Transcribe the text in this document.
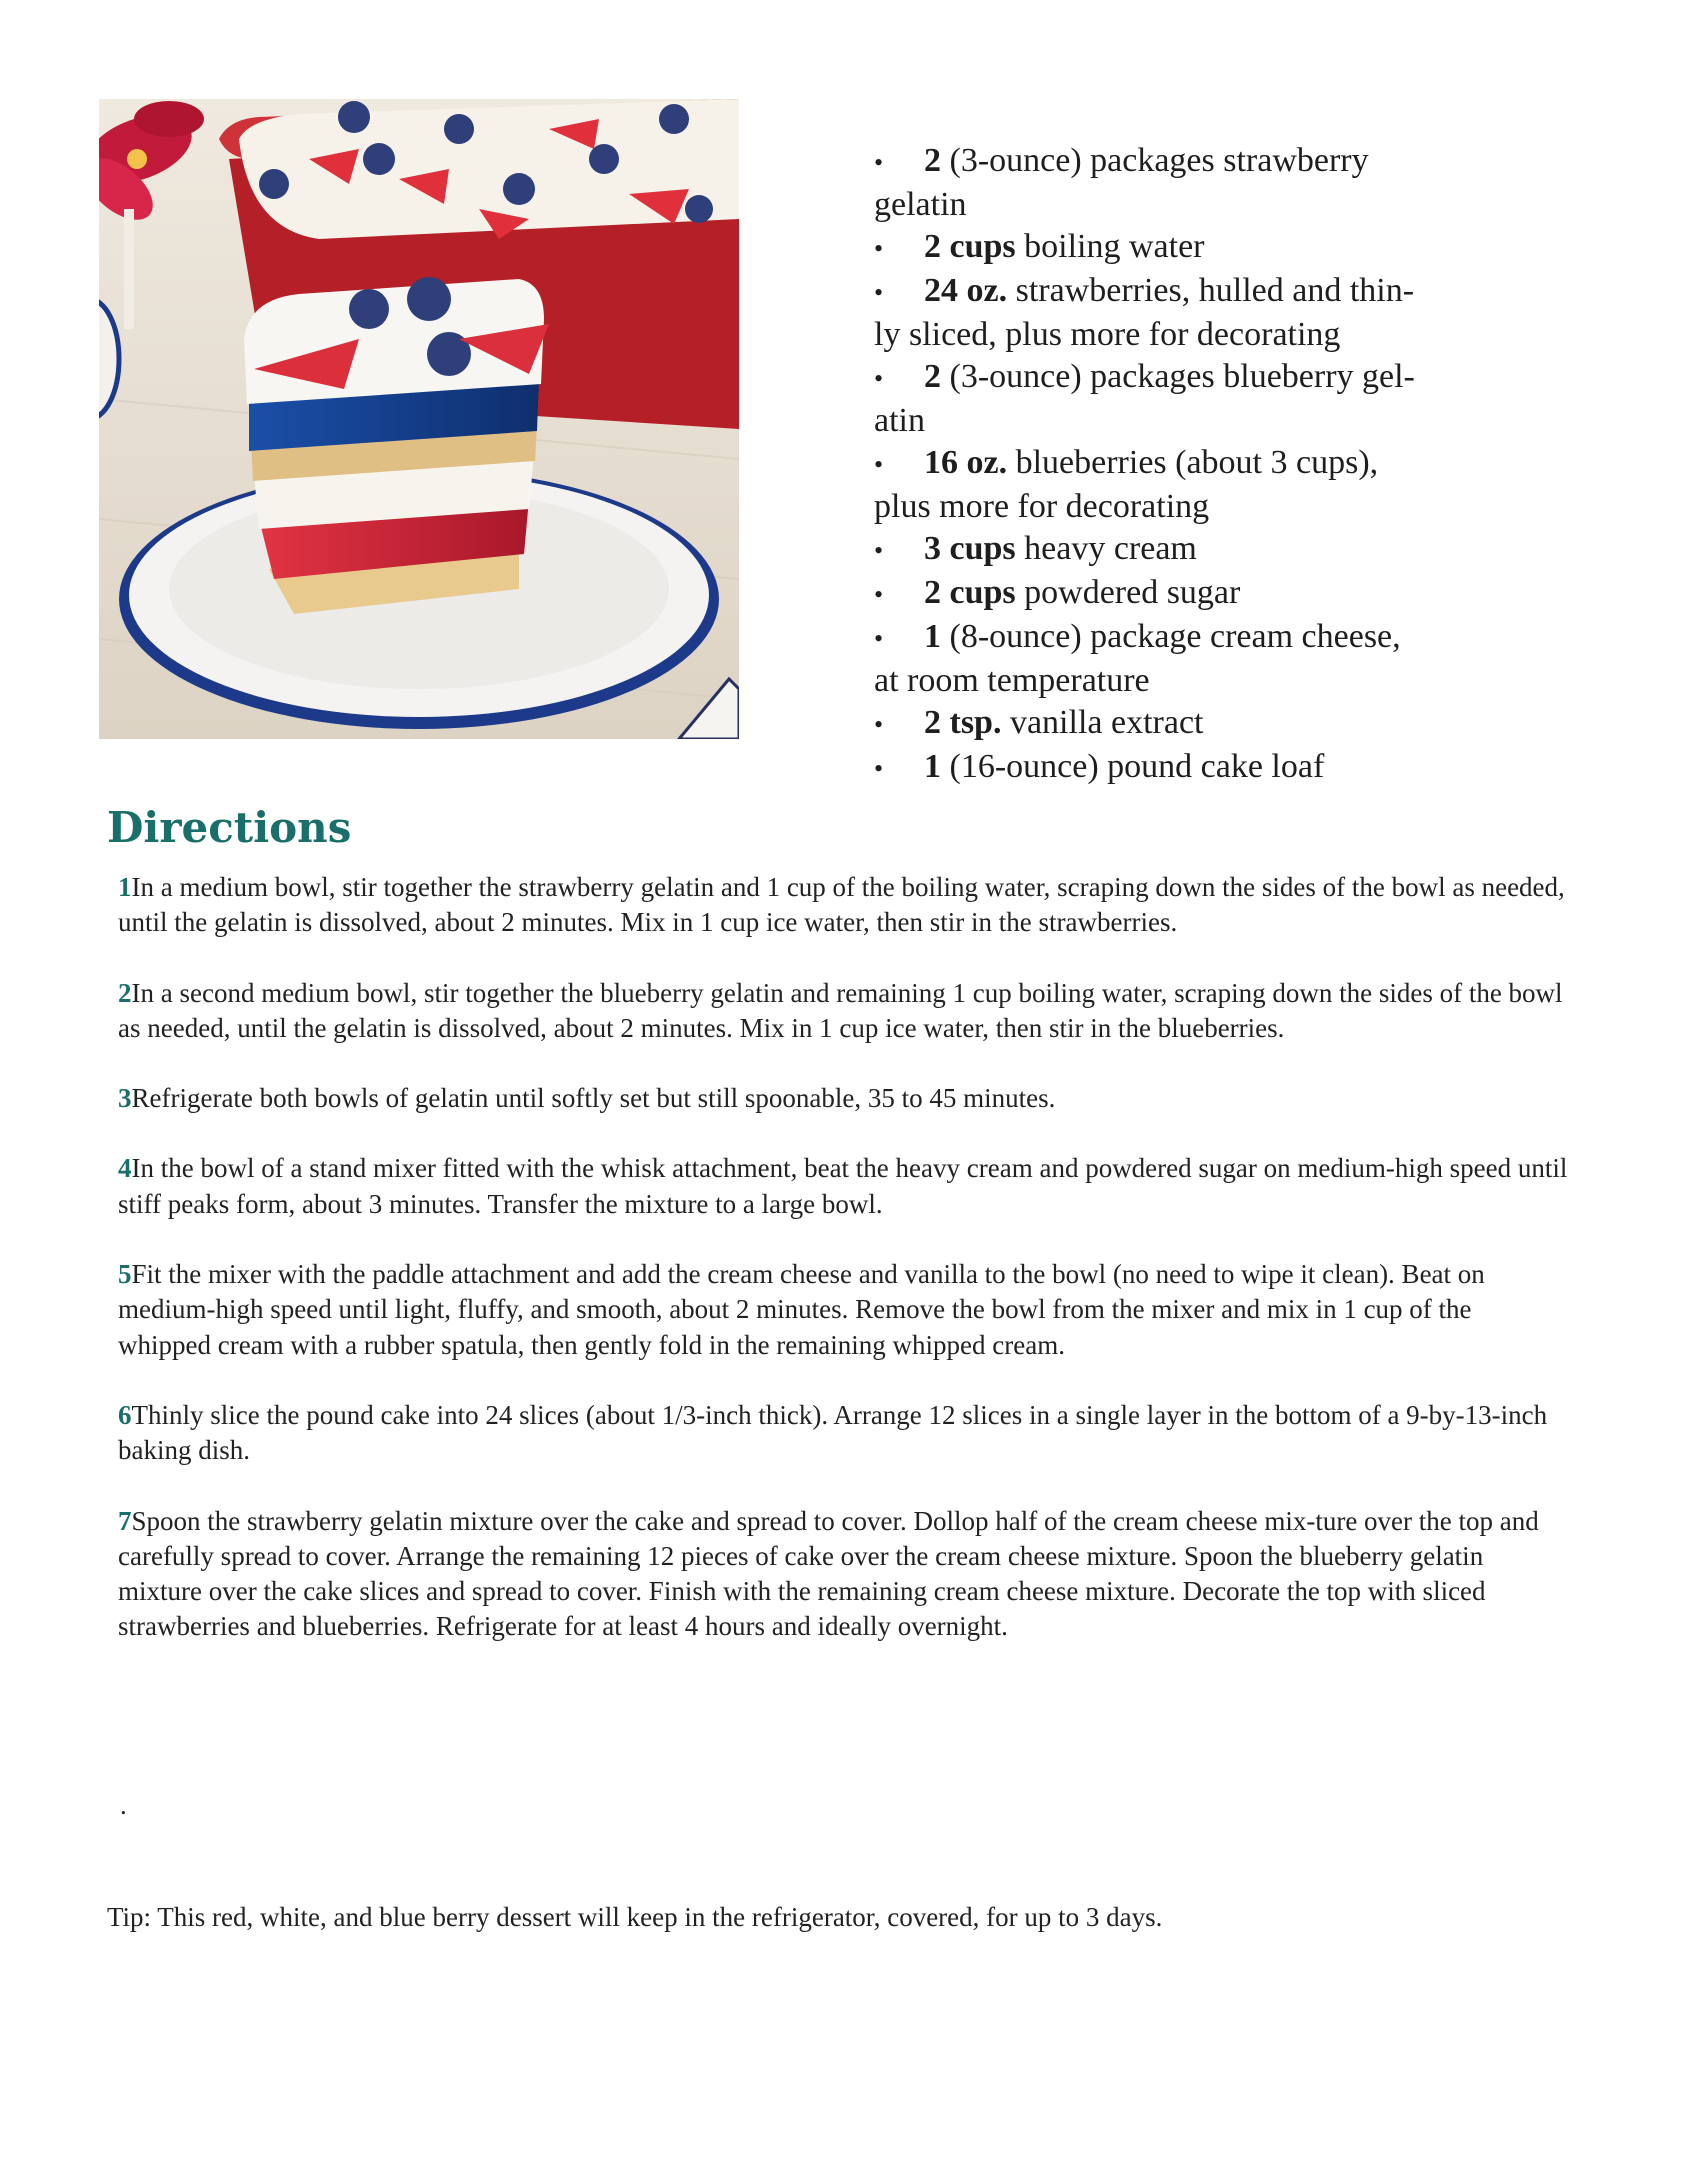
• 2 (3-ounce) packages strawberry
gelatin
• 2 cups boiling water
• 24 oz. strawberries, hulled and thin-
ly sliced, plus more for decorating
• 2 (3-ounce) packages blueberry gel-
atin
• 16 oz. blueberries (about 3 cups),
plus more for decorating
• 3 cups heavy cream
• 2 cups powdered sugar
• 1 (8-ounce) package cream cheese,
at room temperature
• 2 tsp. vanilla extract
• 1 (16-ounce) pound cake loaf
Directions
1In a medium bowl, stir together the strawberry gelatin and 1 cup of the boiling water, scraping down the sides of the bowl as needed, until the gelatin is dissolved, about 2 minutes. Mix in 1 cup ice water, then stir in the strawberries.
2In a second medium bowl, stir together the blueberry gelatin and remaining 1 cup boiling water, scraping down the sides of the bowl as needed, until the gelatin is dissolved, about 2 minutes. Mix in 1 cup ice water, then stir in the blueberries.
3Refrigerate both bowls of gelatin until softly set but still spoonable, 35 to 45 minutes.
4In the bowl of a stand mixer fitted with the whisk attachment, beat the heavy cream and powdered sugar on medium-high speed until stiff peaks form, about 3 minutes. Transfer the mixture to a large bowl.
5Fit the mixer with the paddle attachment and add the cream cheese and vanilla to the bowl (no need to wipe it clean). Beat on medium-high speed until light, fluffy, and smooth, about 2 minutes. Remove the bowl from the mixer and mix in 1 cup of the whipped cream with a rubber spatula, then gently fold in the remaining whipped cream.
6Thinly slice the pound cake into 24 slices (about 1/3-inch thick). Arrange 12 slices in a single layer in the bottom of a 9-by-13-inch baking dish.
7Spoon the strawberry gelatin mixture over the cake and spread to cover. Dollop half of the cream cheese mix-ture over the top and carefully spread to cover. Arrange the remaining 12 pieces of cake over the cream cheese mixture. Spoon the blueberry gelatin mixture over the cake slices and spread to cover. Finish with the remaining cream cheese mixture. Decorate the top with sliced strawberries and blueberries. Refrigerate for at least 4 hours and ideally overnight.
.

Tip: This red, white, and blue berry dessert will keep in the refrigerator, covered, for up to 3 days.
